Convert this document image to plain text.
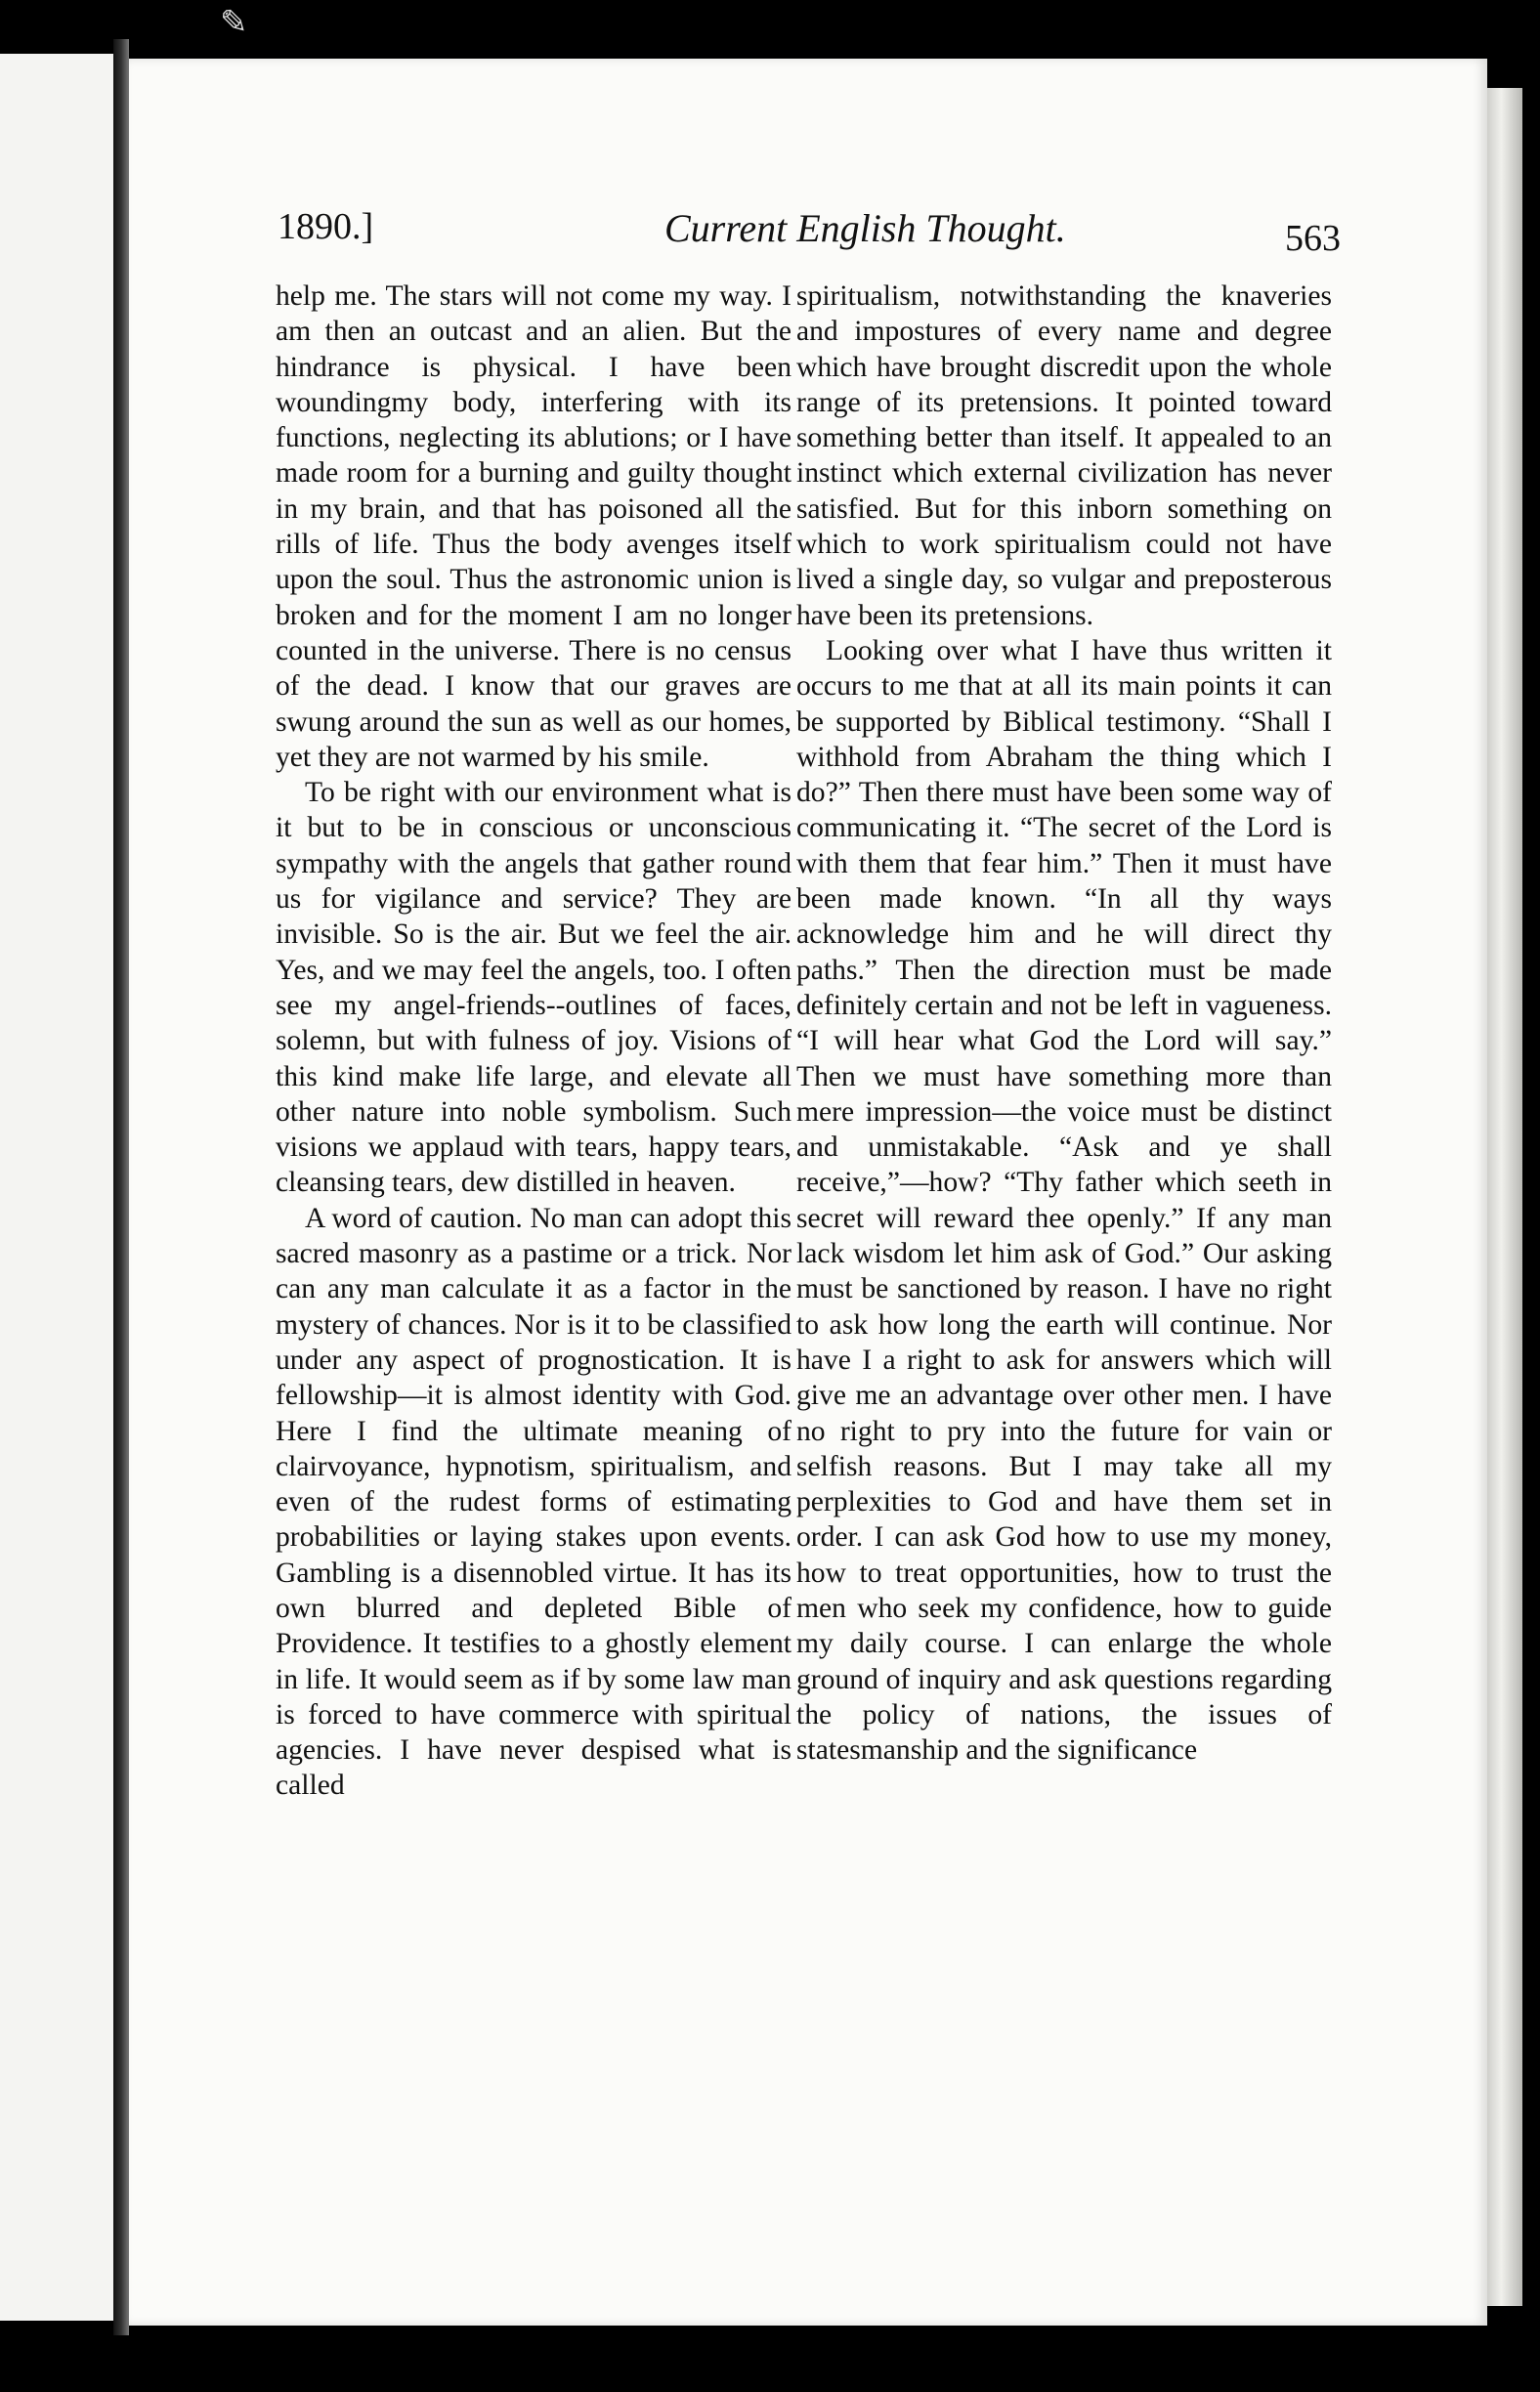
✎
1890.]	Current English Thought.	563

help me. The stars will not come my way. I am then an outcast and an alien. But the hindrance is physical. I have been woundingmy body, interfering with its functions, neglecting its ablutions; or I have made room for a burning and guilty thought in my brain, and that has poisoned all the rills of life. Thus the body avenges itself upon the soul. Thus the astronomic union is broken and for the moment I am no longer counted in the universe. There is no census of the dead. I know that our graves are swung around the sun as well as our homes, yet they are not warmed by his smile.

To be right with our environment what is it but to be in conscious or unconscious sympathy with the angels that gather round us for vigilance and service? They are invisible. So is the air. But we feel the air. Yes, and we may feel the angels, too. I often see my angel-friends--outlines of faces, solemn, but with fulness of joy. Visions of this kind make life large, and elevate all other nature into noble symbolism. Such visions we applaud with tears, happy tears, cleansing tears, dew distilled in heaven.

A word of caution. No man can adopt this sacred masonry as a pastime or a trick. Nor can any man calculate it as a factor in the mystery of chances. Nor is it to be classified under any aspect of prognostication. It is fellowship—it is almost identity with God. Here I find the ultimate meaning of clairvoyance, hypnotism, spiritualism, and even of the rudest forms of estimating probabilities or laying stakes upon events. Gambling is a disennobled virtue. It has its own blurred and depleted Bible of Providence. It testifies to a ghostly element in life. It would seem as if by some law man is forced to have commerce with spiritual agencies. I have never despised what is called

spiritualism, notwithstanding the knaveries and impostures of every name and degree which have brought discredit upon the whole range of its pretensions. It pointed toward something better than itself. It appealed to an instinct which external civilization has never satisfied. But for this inborn something on which to work spiritualism could not have lived a single day, so vulgar and preposterous have been its pretensions.

Looking over what I have thus written it occurs to me that at all its main points it can be supported by Biblical testimony. “Shall I withhold from Abraham the thing which I do?” Then there must have been some way of communicating it. “The secret of the Lord is with them that fear him.” Then it must have been made known. “In all thy ways acknowledge him and he will direct thy paths.” Then the direction must be made definitely certain and not be left in vagueness. “I will hear what God the Lord will say.” Then we must have something more than mere impression—the voice must be distinct and unmistakable. “Ask and ye shall receive,”—how? “Thy father which seeth in secret will reward thee openly.” If any man lack wisdom let him ask of God.” Our asking must be sanctioned by reason. I have no right to ask how long the earth will continue. Nor have I a right to ask for answers which will give me an advantage over other men. I have no right to pry into the future for vain or selfish reasons. But I may take all my perplexities to God and have them set in order. I can ask God how to use my money, how to treat opportunities, how to trust the men who seek my confidence, how to guide my daily course. I can enlarge the whole ground of inquiry and ask questions regarding the policy of nations, the issues of statesmanship and the significance
